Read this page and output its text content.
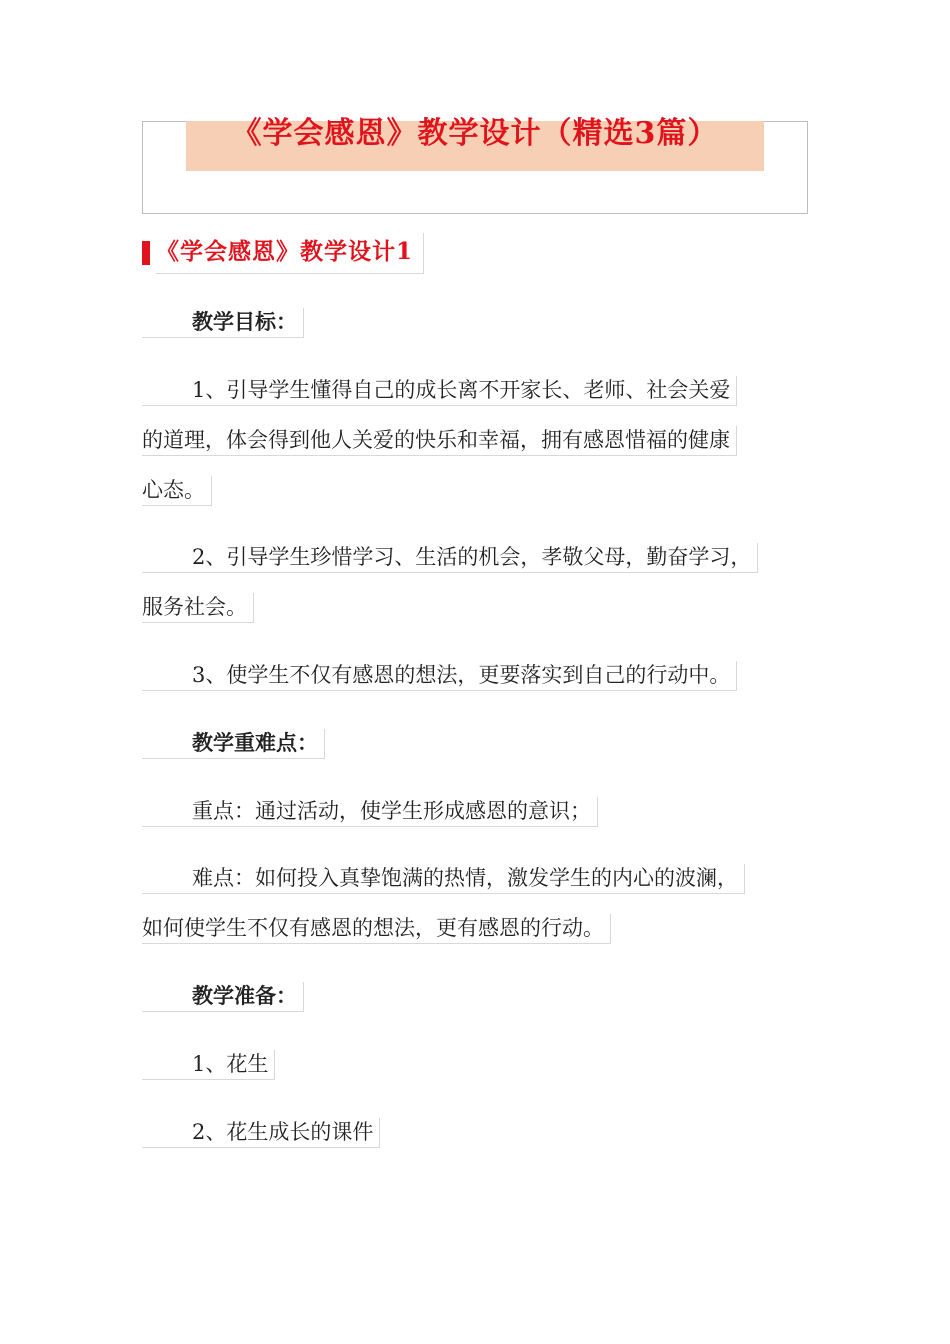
《学会感恩》教学设计（精选3篇）
《学会感恩》教学设计1
教学目标：
1、引导学生懂得自己的成长离不开家长、老师、社会关爱
的道理，体会得到他人关爱的快乐和幸福，拥有感恩惜福的健康
心态。
2、引导学生珍惜学习、生活的机会，孝敬父母，勤奋学习，
服务社会。
3、使学生不仅有感恩的想法，更要落实到自己的行动中。
教学重难点：
重点：通过活动，使学生形成感恩的意识；
难点：如何投入真挚饱满的热情，激发学生的内心的波澜，
如何使学生不仅有感恩的想法，更有感恩的行动。
教学准备：
1、花生
2、花生成长的课件
